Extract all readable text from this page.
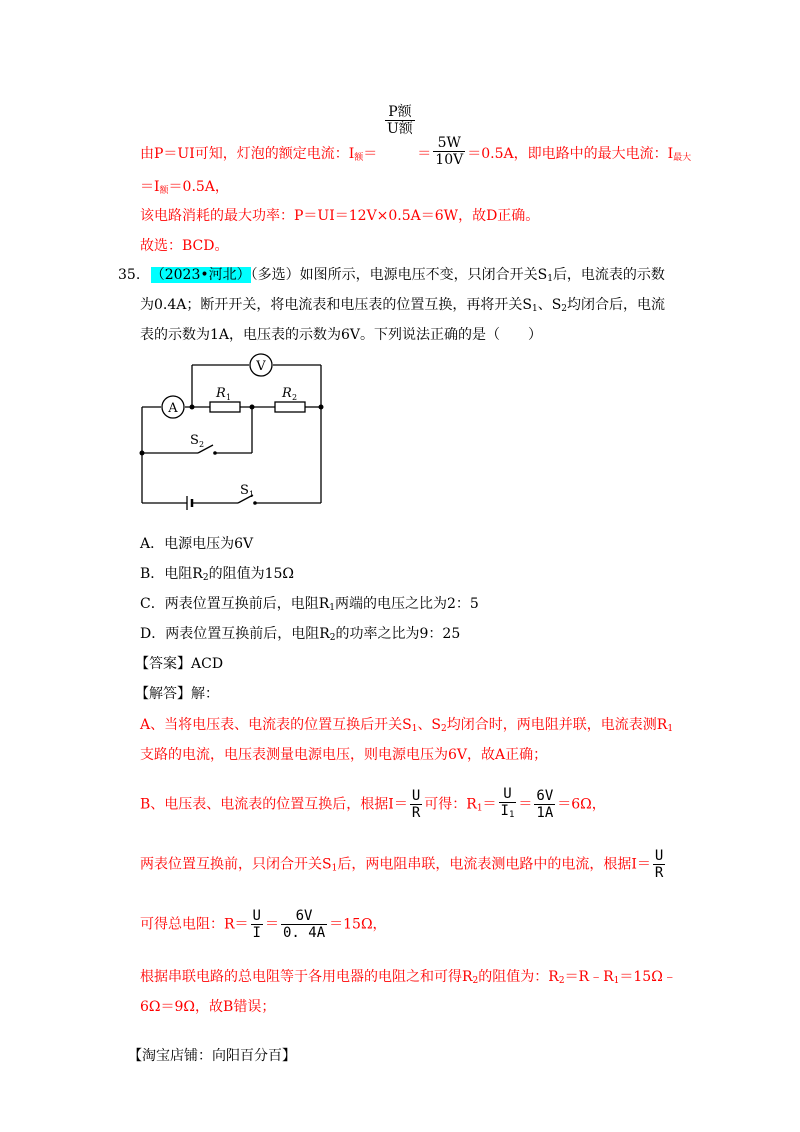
$\frac{\text{P额}}{\text{U额}}$
由P＝UI可知，灯泡的额定电流：$I_额=$	＝ $\frac{5W}{10V} =0.5A$，即电路中的最大电流：$I_{最大}$
$=I_额=0.5A$，
该电路消耗的最大功率：P＝UI＝12V×0.5A＝6W，故D正确。
故选：BCD。
35. （2023•河北）（多选）如图所示，电源电压不变，只闭合开关$S_1$后，电流表的示数
为0.4A；断开开关，将电流表和电压表的位置互换，再将开关$S_1$、$S_2$均闭合后，电流
表的示数为1A，电压表的示数为6V。下列说法正确的是（　　）
V
A
R 1	R 2
S 2
S 1
A．电源电压为6V
B．电阻$R_2$的阻值为15Ω
C．两表位置互换前后，电阻$R_1$两端的电压之比为2：5
D．两表位置互换前后，电阻$R_2$的功率之比为9：25
【答案】ACD
【解答】解：
A、当将电压表、电流表的位置互换后开关$S_1$、$S_2$均闭合时，两电阻并联，电流表测$R_1$
支路的电流，电压表测量电源电压，则电源电压为6V，故A正确；
B、电压表、电流表的位置互换后，根据$I= \frac{U}{R}$ 可得：$R_1= \frac{U}{I_1} = \frac{6V}{1A} =6\Omega$，
两表位置互换前，只闭合开关$S_1$后，两电阻串联，电流表测电路中的电流，根据$I= \frac{U}{R}$
可得总电阻：$R= \frac{U}{I} = \frac{6V}{0. 4A} =15\Omega$，
根据串联电路的总电阻等于各用电器的电阻之和可得$R_2$的阻值为：$R_2=R﹣R_1=15\Omega﹣$
6Ω＝9Ω，故B错误；
【淘宝店铺：向阳百分百】
